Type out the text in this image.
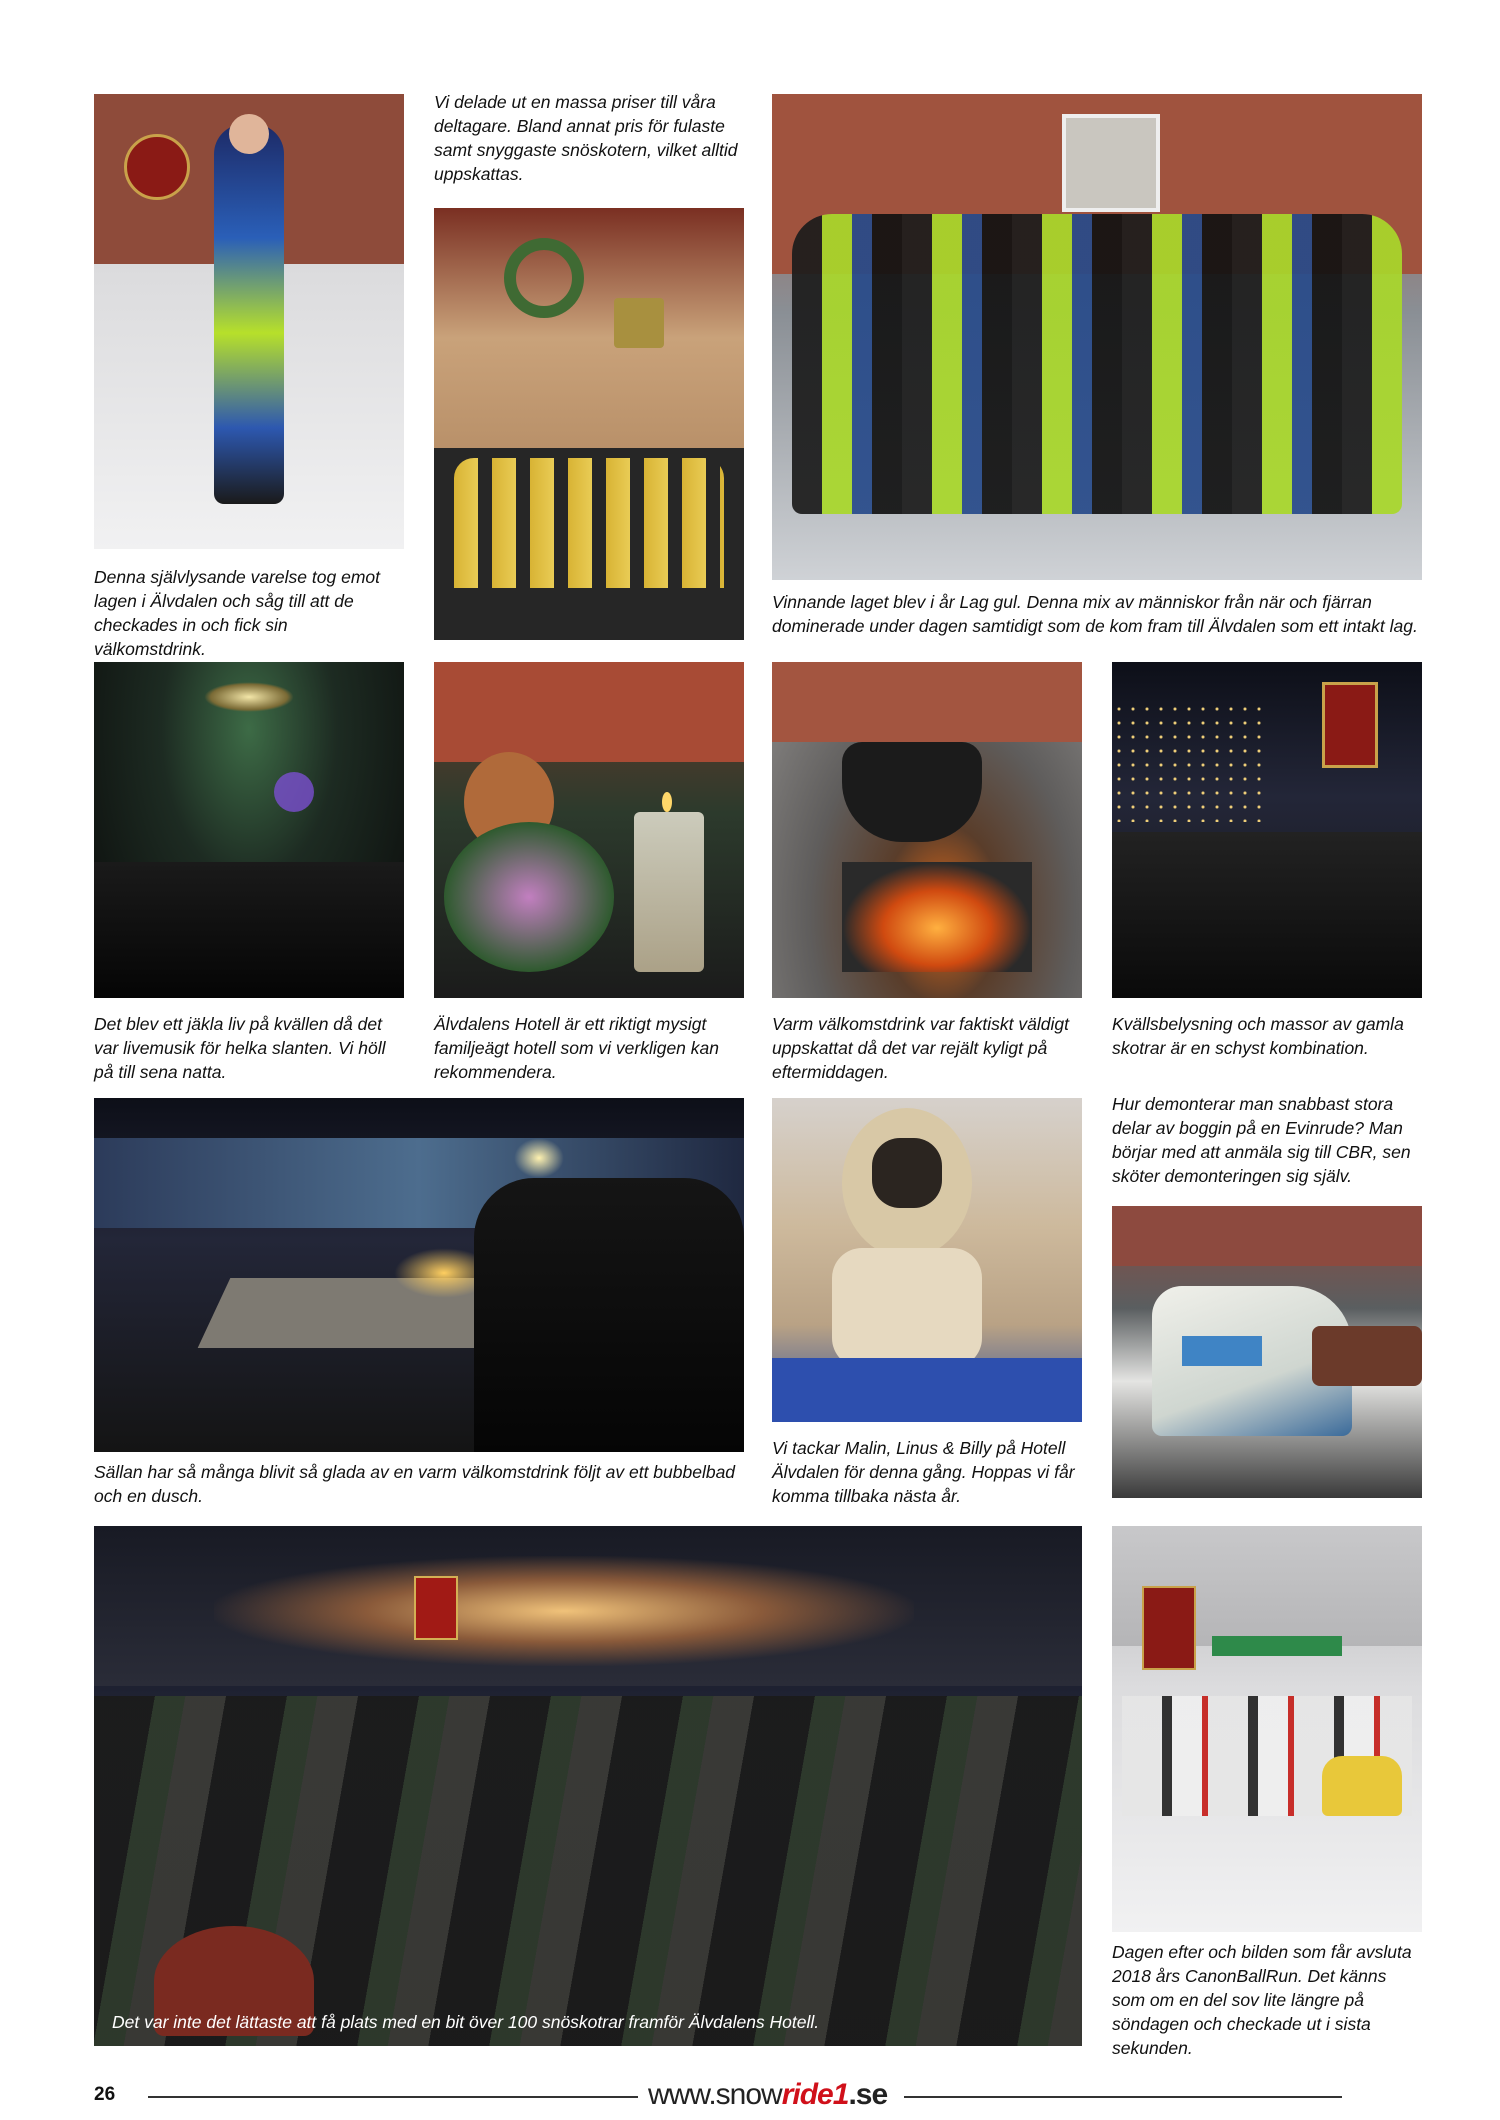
Denna självlysande varelse tog emot lagen i Älvdalen och såg till att de checkades in och fick sin välkomstdrink.

Vi delade ut en massa priser till våra deltagare. Bland annat pris för fulaste samt snyggaste snöskotern, vilket alltid uppskattas.

Vinnande laget blev i år Lag gul. Denna mix av människor från när och fjärran dominerade under dagen samtidigt som de kom fram till Älvdalen som ett intakt lag.

Det blev ett jäkla liv på kvällen då det var livemusik för helka slanten. Vi höll på till sena natta.

Älvdalens Hotell är ett riktigt mysigt familjeägt hotell som vi verkligen kan rekommendera.

Varm välkomstdrink var faktiskt väldigt uppskattat då det var rejält kyligt på eftermiddagen.

Kvällsbelysning och massor av gamla skotrar är en schyst kombination.

Sällan har så många blivit så glada av en varm välkomstdrink följt av ett bubbelbad och en dusch.

Vi tackar Malin, Linus & Billy på Hotell Älvdalen för denna gång. Hoppas vi får komma tillbaka nästa år.

Hur demonterar man snabbast stora delar av boggin på en Evinrude? Man börjar med att anmäla sig till CBR, sen sköter demonteringen sig själv.

Det var inte det lättaste att få plats med en bit över 100 snöskotrar framför Älvdalens Hotell.

Dagen efter och bilden som får avsluta 2018 års CanonBallRun. Det känns som om en del sov lite längre på söndagen och checkade ut i sista sekunden.

26	www.snowride1.se
